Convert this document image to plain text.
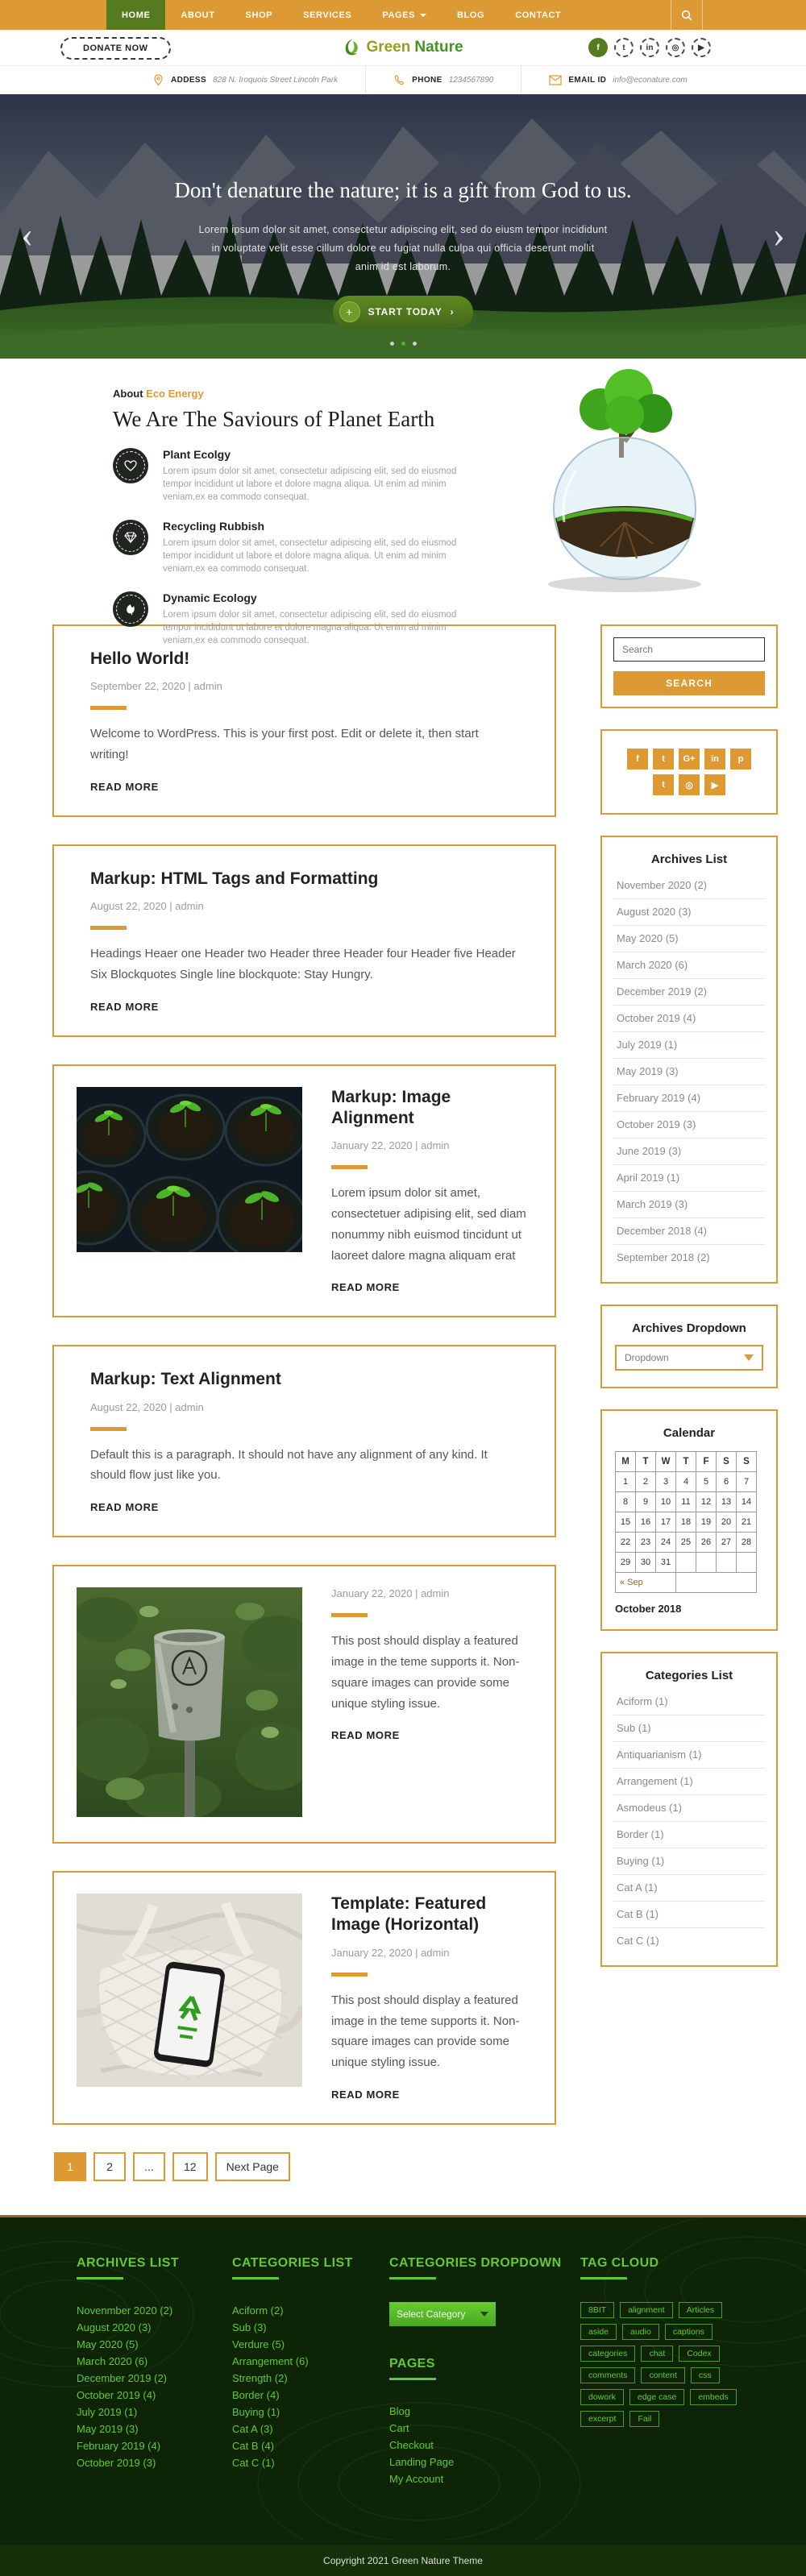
HOME	ABOUT	SHOP	SERVICES	PAGES	BLOG	CONTACT
DONATE NOW	Green Nature	f	t	in	◎	▶
ADDESS 828 N. Iroquois Street Lincoln Park	PHONE 1234567890	EMAIL ID info@econature.com
‹	›
Don't denature the nature; it is a gift from God to us.
Lorem ipsum dolor sit amet, consectetur adipiscing elit, sed do eiusm tempor incididunt
in voluptate velit esse cillum dolore eu fugiat nulla culpa qui officia deserunt mollit
anim id est laborum.
+	START TODAY ›
About Eco Energy
We Are The Saviours of Planet Earth
Plant Ecolgy
Lorem ipsum dolor sit amet, consectetur adipiscing elit, sed do eiusmod tempor incididunt ut labore et dolore magna aliqua. Ut enim ad minim veniam,ex ea commodo consequat.
Recycling Rubbish
Lorem ipsum dolor sit amet, consectetur adipiscing elit, sed do eiusmod tempor incididunt ut labore et dolore magna aliqua. Ut enim ad minim veniam,ex ea commodo consequat.
Dynamic Ecology
Lorem ipsum dolor sit amet, consectetur adipiscing elit, sed do eiusmod tempor incididunt ut labore et dolore magna aliqua. Ut enim ad minim veniam,ex ea commodo consequat.
Hello World!
September 22, 2020 | admin

Welcome to WordPress. This is your first post. Edit or delete it, then start writing!

READ MORE
Markup: HTML Tags and Formatting
August 22, 2020 | admin

Headings Heaer one Header two Header three Header four Header five Header Six Blockquotes Single line blockquote: Stay Hungry.

READ MORE
Markup: Image Alignment
January 22, 2020 | admin

Lorem ipsum dolor sit amet, consectetuer adipising elit, sed diam nonummy nibh euismod tincidunt ut laoreet dalore magna aliquam erat

READ MORE
Markup: Text Alignment
August 22, 2020 | admin

Default this is a paragraph. It should not have any alignment of any kind. It should flow just like you.

READ MORE
January 22, 2020 | admin

This post should display a featured image in the teme supports it. Non-square images can provide some unique styling issue.

READ MORE
Template: Featured Image (Horizontal)
January 22, 2020 | admin

This post should display a featured image in the teme supports it. Non-square images can provide some unique styling issue.

READ MORE
1	2	...	12	Next Page
Search SEARCH
f	t	G+	in	p
t	◎	▶
Archives List
November 2020 (2)
August 2020 (3)
May 2020 (5)
March 2020 (6)
December 2019 (2)
October 2019 (4)
July 2019 (1)
May 2019 (3)
February 2019 (4)
October 2019 (3)
June 2019 (3)
April 2019 (1)
March 2019 (3)
December 2018 (4)
September 2018 (2)
Archives Dropdown
Dropdown
Calendar
M	T	W	T	F	S	S
1	2	3	4	5	6	7
8	9	10	11	12	13	14
15	16	17	18	19	20	21
22	23	24	25	26	27	28
29	30	31				
« Sep						
October 2018
Categories List
Aciform (1)
Sub (1)
Antiquarianism (1)
Arrangement (1)
Asmodeus (1)
Border (1)
Buying (1)
Cat A (1)
Cat B (1)
Cat C (1)
ARCHIVES LIST
Novenmber 2020 (2)
August 2020 (3)
May 2020 (5)
March 2020 (6)
December 2019 (2)
October 2019 (4)
July 2019 (1)
May 2019 (3)
February 2019 (4)
October 2019 (3)
CATEGORIES LIST
Aciform (2)
Sub (3)
Verdure (5)
Arrangement (6)
Strength (2)
Border (4)
Buying (1)
Cat A (3)
Cat B (4)
Cat C (1)
CATEGORIES DROPDOWN
Select Category
PAGES
Blog
Cart
Checkout
Landing Page
My Account
TAG CLOUD
8BIT	alignment	Articles
aside	audio	captions
categories	chat	Codex
comments	content	css
dowork	edge case	embeds
excerpt	Fail
Copyright 2021 Green Nature Theme
